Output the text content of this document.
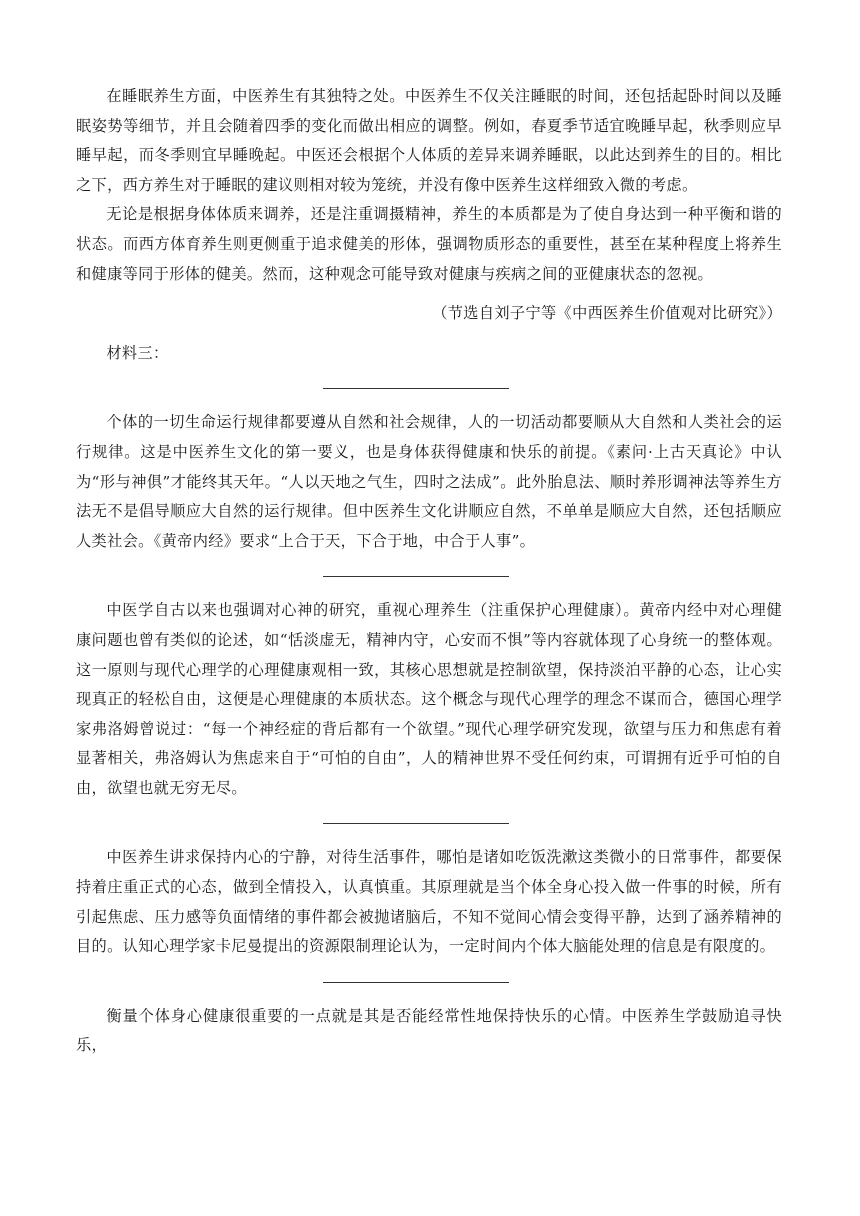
在睡眠养生方面，中医养生有其独特之处。中医养生不仅关注睡眠的时间，还包括起卧时间以及睡眠姿势等细节，并且会随着四季的变化而做出相应的调整。例如，春夏季节适宜晚睡早起，秋季则应早睡早起，而冬季则宜早睡晚起。中医还会根据个人体质的差异来调养睡眠，以此达到养生的目的。相比之下，西方养生对于睡眠的建议则相对较为笼统，并没有像中医养生这样细致入微的考虑。

无论是根据身体体质来调养，还是注重调摄精神，养生的本质都是为了使自身达到一种平衡和谐的状态。而西方体育养生则更侧重于追求健美的形体，强调物质形态的重要性，甚至在某种程度上将养生和健康等同于形体的健美。然而，这种观念可能导致对健康与疾病之间的亚健康状态的忽视。

（节选自刘子宁等《中西医养生价值观对比研究》）

材料三：

个体的一切生命运行规律都要遵从自然和社会规律，人的一切活动都要顺从大自然和人类社会的运行规律。这是中医养生文化的第一要义，也是身体获得健康和快乐的前提。《素问·上古天真论》中认为“形与神俱”才能终其天年。“人以天地之气生，四时之法成”。此外胎息法、顺时养形调神法等养生方法无不是倡导顺应大自然的运行规律。但中医养生文化讲顺应自然，不单单是顺应大自然，还包括顺应人类社会。《黄帝内经》要求“上合于天，下合于地，中合于人事”。

中医学自古以来也强调对心神的研究，重视心理养生（注重保护心理健康）。黄帝内经中对心理健康问题也曾有类似的论述，如“恬淡虚无，精神内守，心安而不惧”等内容就体现了心身统一的整体观。这一原则与现代心理学的心理健康观相一致，其核心思想就是控制欲望，保持淡泊平静的心态，让心实现真正的轻松自由，这便是心理健康的本质状态。这个概念与现代心理学的理念不谋而合，德国心理学家弗洛姆曾说过：“每一个神经症的背后都有一个欲望。”现代心理学研究发现，欲望与压力和焦虑有着显著相关，弗洛姆认为焦虑来自于“可怕的自由”，人的精神世界不受任何约束，可谓拥有近乎可怕的自由，欲望也就无穷无尽。

中医养生讲求保持内心的宁静，对待生活事件，哪怕是诸如吃饭洗漱这类微小的日常事件，都要保持着庄重正式的心态，做到全情投入，认真慎重。其原理就是当个体全身心投入做一件事的时候，所有引起焦虑、压力感等负面情绪的事件都会被抛诸脑后，不知不觉间心情会变得平静，达到了涵养精神的目的。认知心理学家卡尼曼提出的资源限制理论认为，一定时间内个体大脑能处理的信息是有限度的。

衡量个体身心健康很重要的一点就是其是否能经常性地保持快乐的心情。中医养生学鼓励追寻快乐，
